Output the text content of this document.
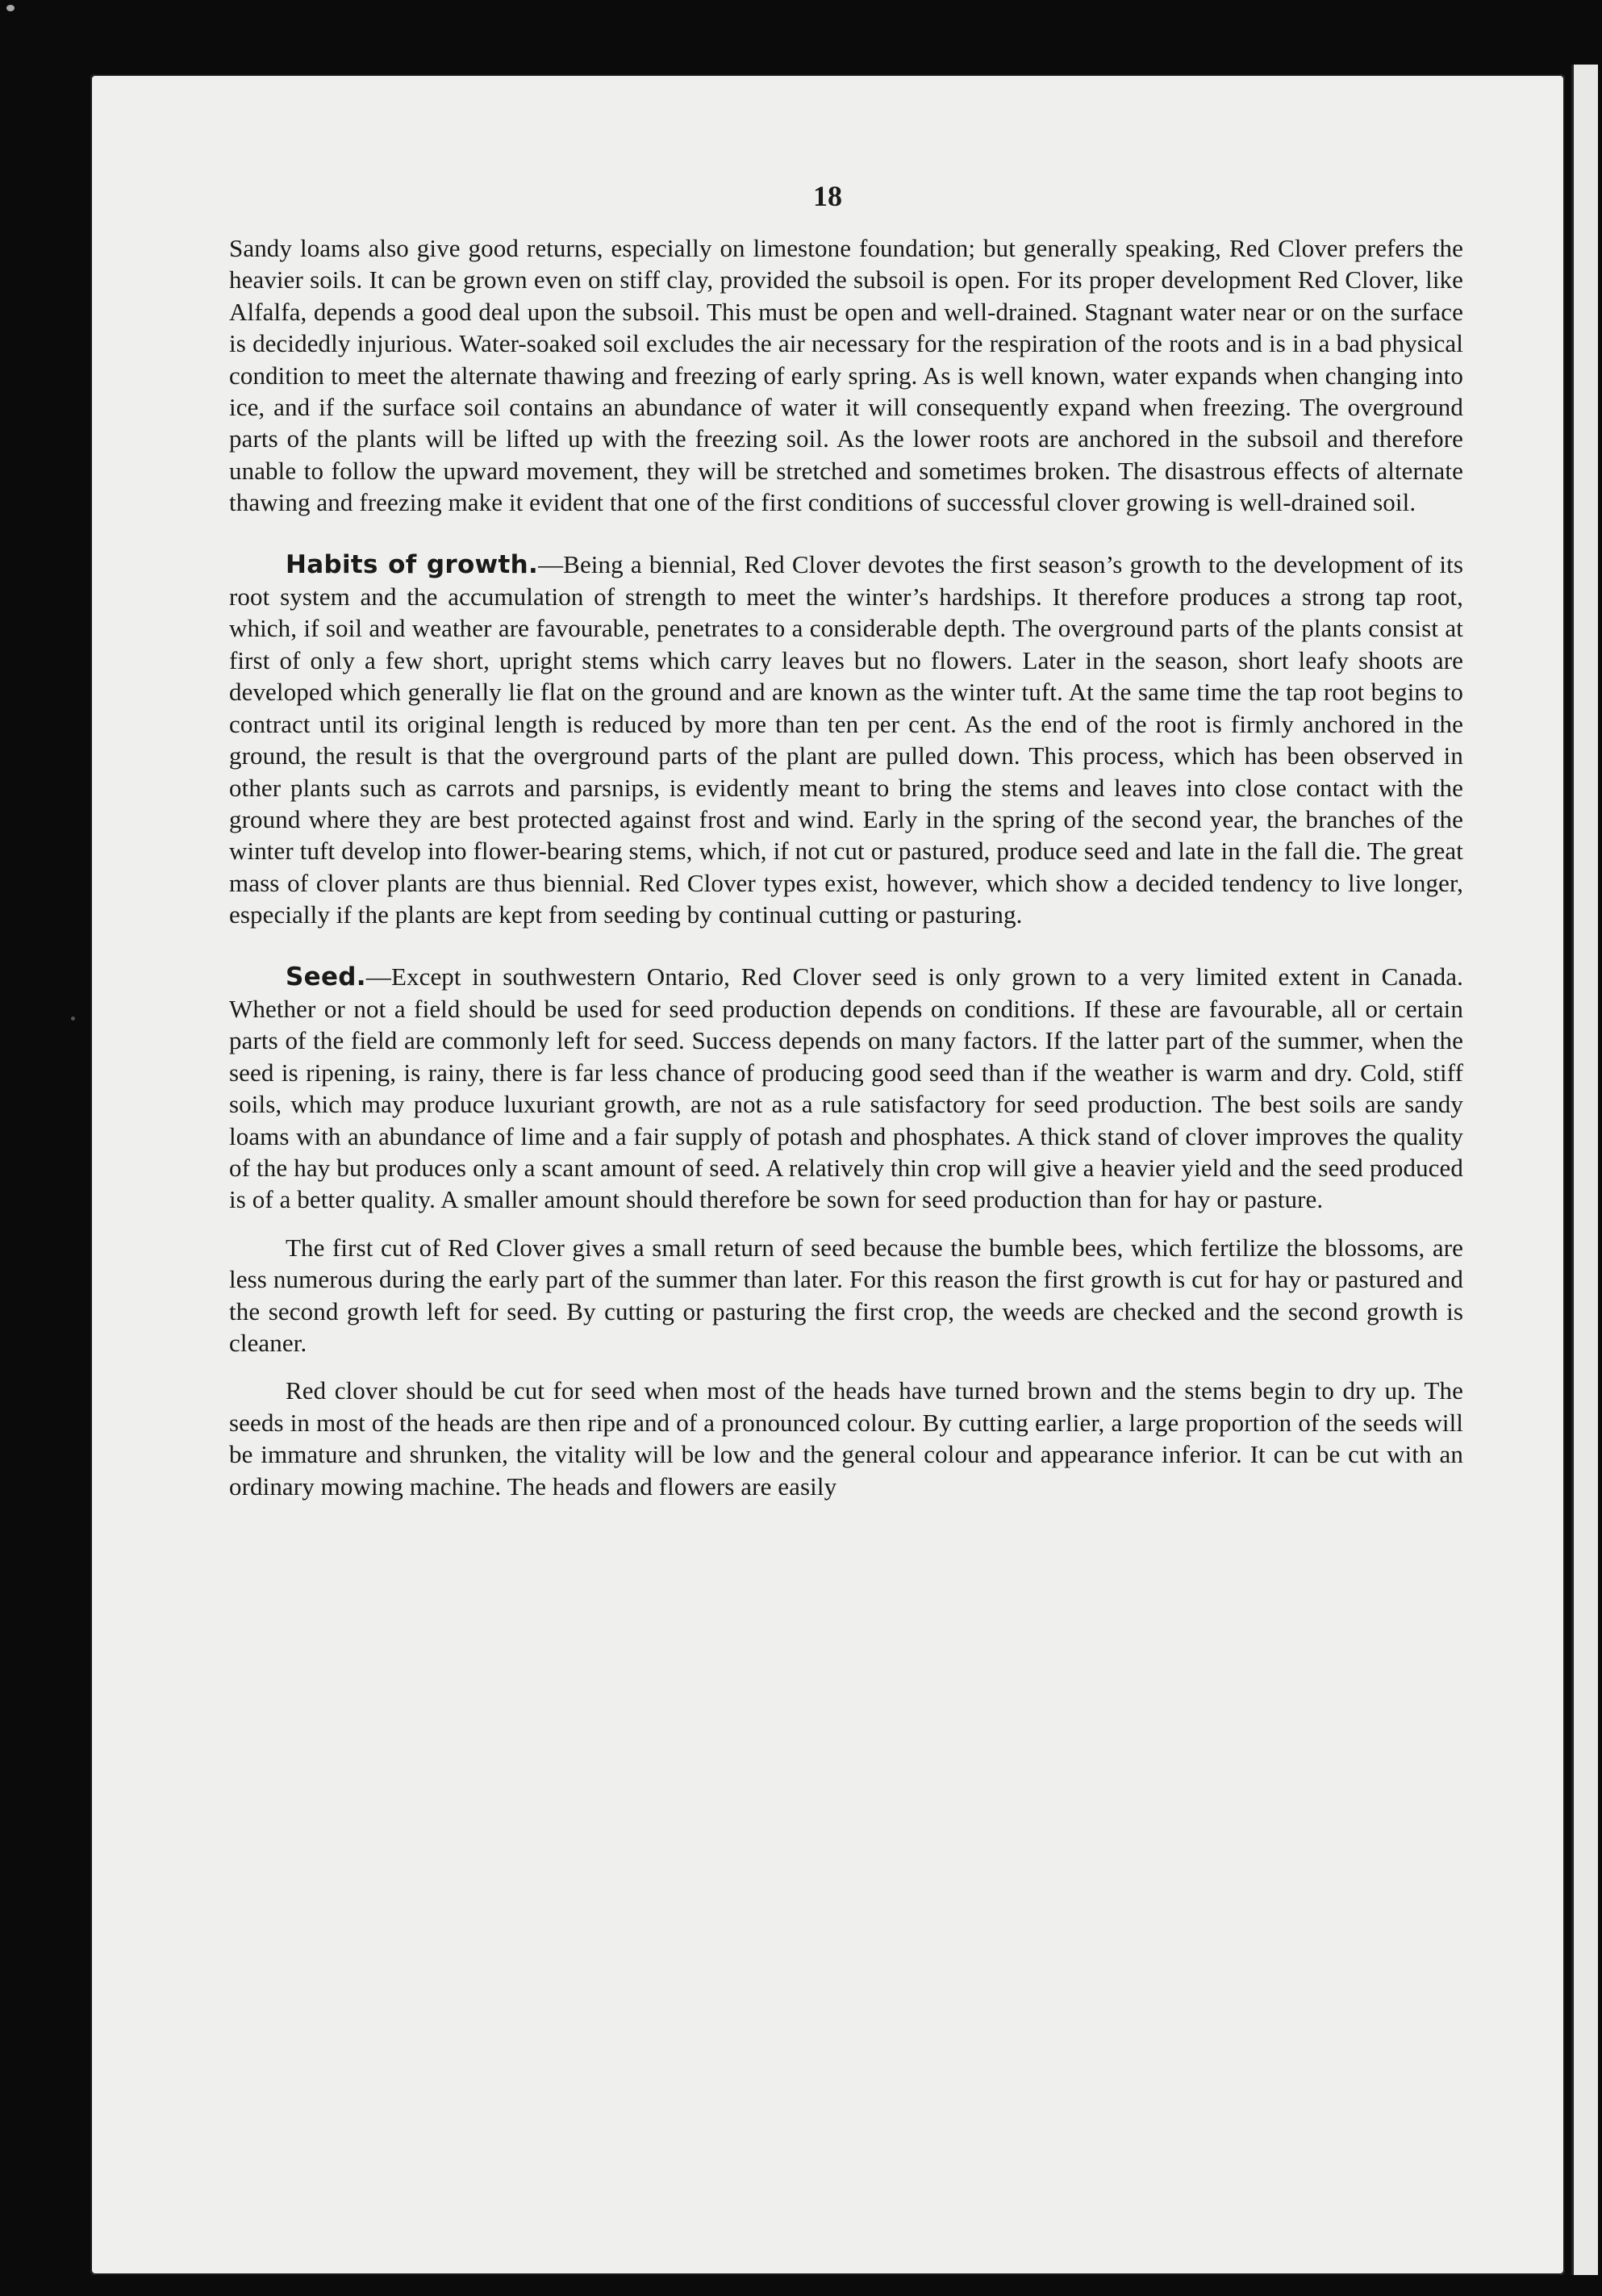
18

Sandy loams also give good returns, especially on limestone foundation; but generally speaking, Red Clover prefers the heavier soils. It can be grown even on stiff clay, provided the subsoil is open. For its proper development Red Clover, like Alfalfa, depends a good deal upon the subsoil. This must be open and well-drained. Stagnant water near or on the surface is decidedly injurious. Water-soaked soil excludes the air necessary for the respiration of the roots and is in a bad physical condition to meet the alternate thawing and freezing of early spring. As is well known, water expands when changing into ice, and if the surface soil contains an abundance of water it will consequently expand when freezing. The overground parts of the plants will be lifted up with the freezing soil. As the lower roots are anchored in the subsoil and therefore unable to follow the upward movement, they will be stretched and sometimes broken. The disastrous effects of alternate thawing and freezing make it evident that one of the first conditions of successful clover growing is well-drained soil.

Habits of growth.—Being a biennial, Red Clover devotes the first season’s growth to the development of its root system and the accumulation of strength to meet the winter’s hardships. It therefore produces a strong tap root, which, if soil and weather are favourable, penetrates to a considerable depth. The overground parts of the plants consist at first of only a few short, upright stems which carry leaves but no flowers. Later in the season, short leafy shoots are developed which generally lie flat on the ground and are known as the winter tuft. At the same time the tap root begins to contract until its original length is reduced by more than ten per cent. As the end of the root is firmly anchored in the ground, the result is that the overground parts of the plant are pulled down. This process, which has been observed in other plants such as carrots and parsnips, is evidently meant to bring the stems and leaves into close contact with the ground where they are best protected against frost and wind. Early in the spring of the second year, the branches of the winter tuft develop into flower-bearing stems, which, if not cut or pastured, produce seed and late in the fall die. The great mass of clover plants are thus biennial. Red Clover types exist, however, which show a decided tendency to live longer, especially if the plants are kept from seeding by continual cutting or pasturing.

Seed.—Except in southwestern Ontario, Red Clover seed is only grown to a very limited extent in Canada. Whether or not a field should be used for seed production depends on conditions. If these are favourable, all or certain parts of the field are commonly left for seed. Success depends on many factors. If the latter part of the summer, when the seed is ripening, is rainy, there is far less chance of producing good seed than if the weather is warm and dry. Cold, stiff soils, which may produce luxuriant growth, are not as a rule satisfactory for seed production. The best soils are sandy loams with an abundance of lime and a fair supply of potash and phosphates. A thick stand of clover improves the quality of the hay but produces only a scant amount of seed. A relatively thin crop will give a heavier yield and the seed produced is of a better quality. A smaller amount should therefore be sown for seed production than for hay or pasture.

The first cut of Red Clover gives a small return of seed because the bumble bees, which fertilize the blossoms, are less numerous during the early part of the summer than later. For this reason the first growth is cut for hay or pastured and the second growth left for seed. By cutting or pasturing the first crop, the weeds are checked and the second growth is cleaner.

Red clover should be cut for seed when most of the heads have turned brown and the stems begin to dry up. The seeds in most of the heads are then ripe and of a pronounced colour. By cutting earlier, a large proportion of the seeds will be immature and shrunken, the vitality will be low and the general colour and appearance inferior. It can be cut with an ordinary mowing machine. The heads and flowers are easily
